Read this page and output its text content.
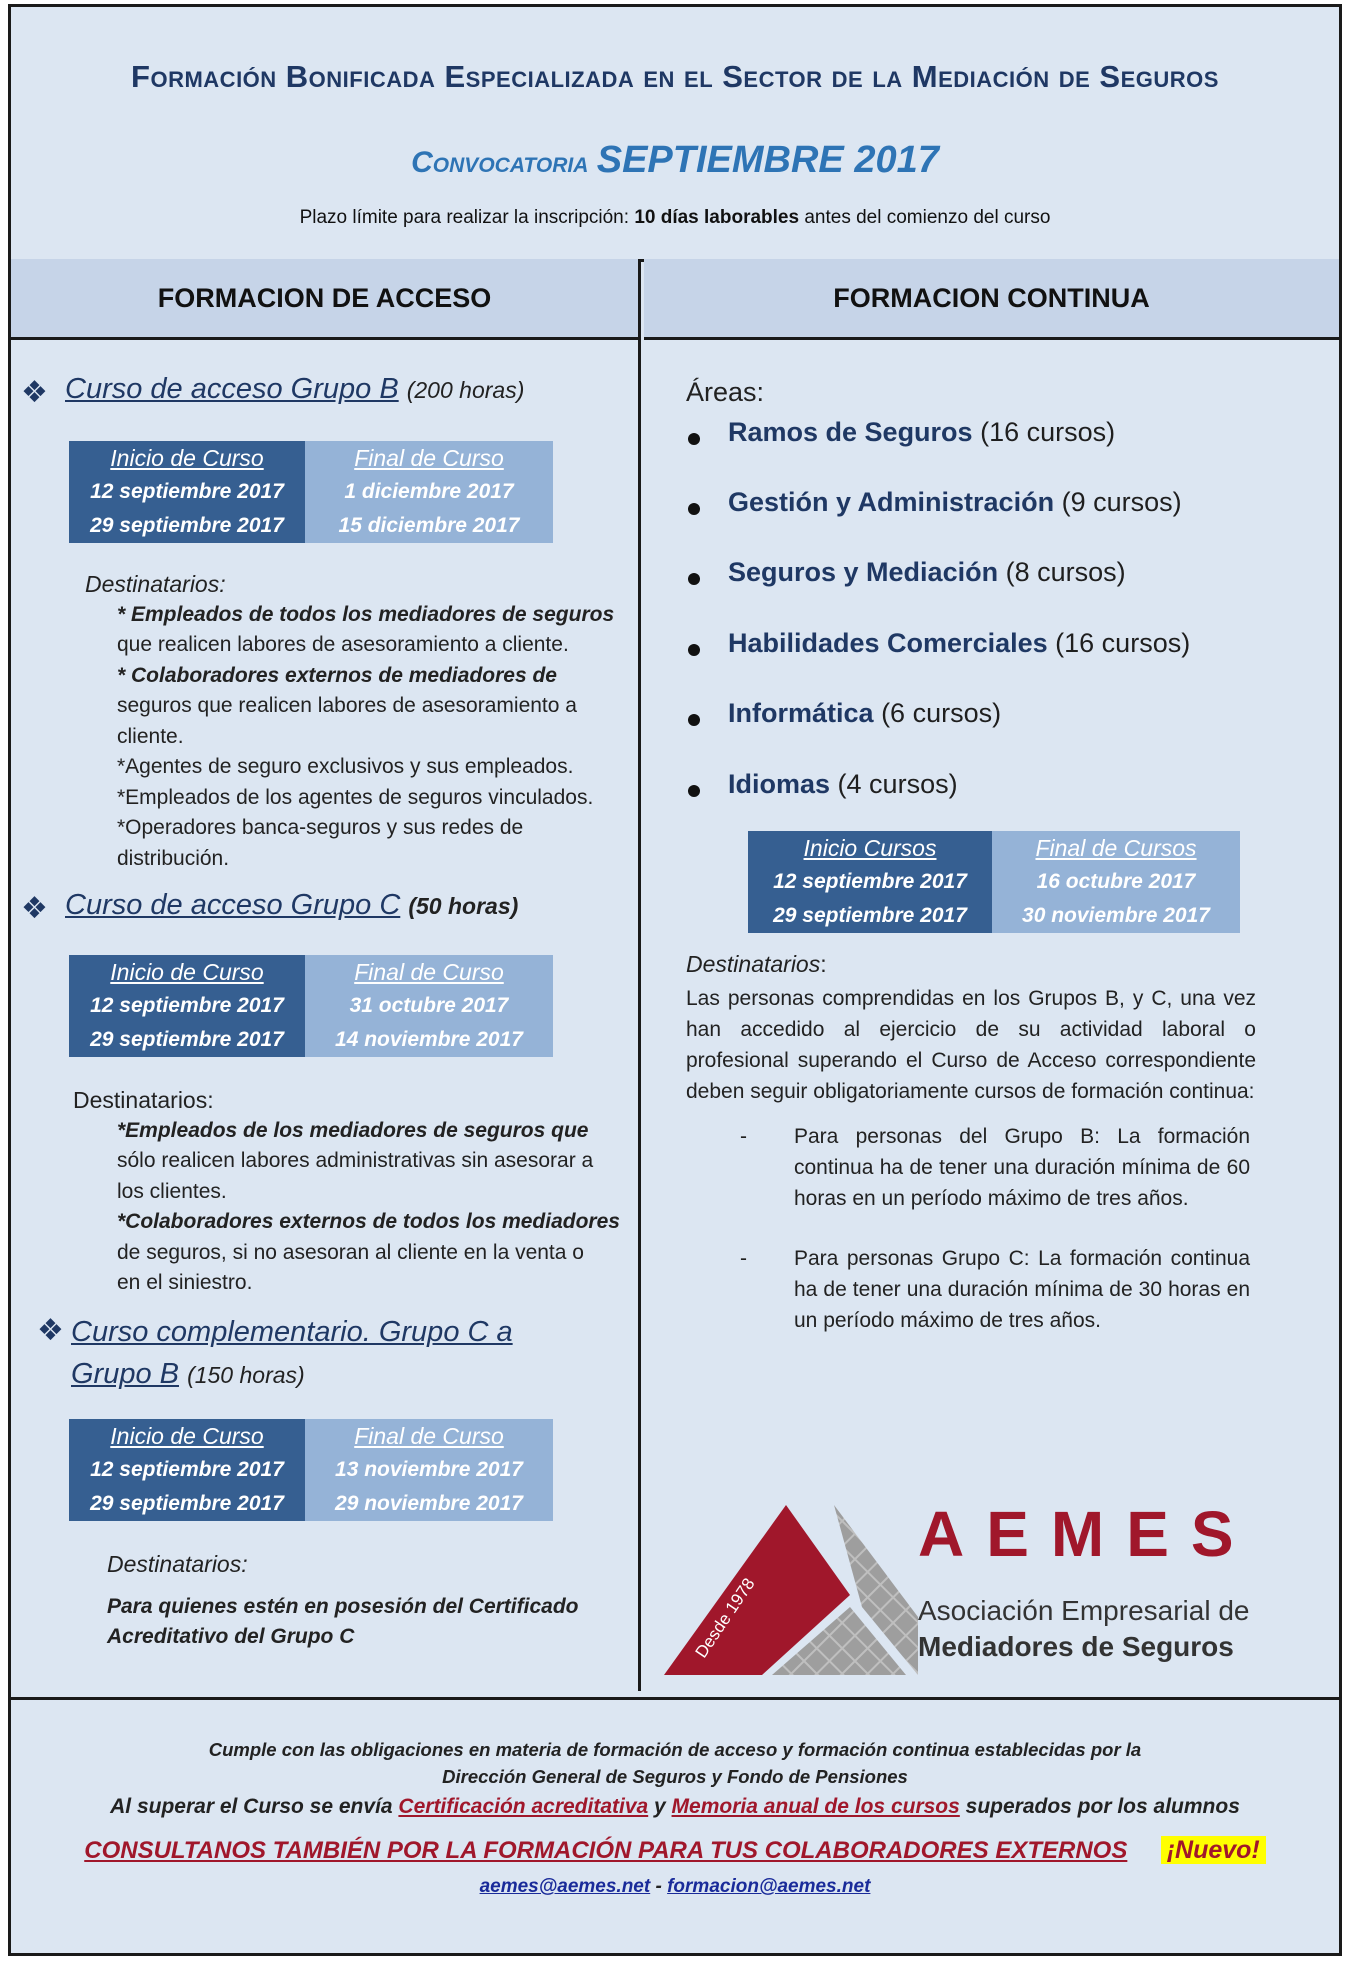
Formación Bonificada Especializada en el Sector de la Mediación de Seguros
Convocatoria SEPTIEMBRE 2017
Plazo límite para realizar la inscripción: 10 días laborables antes del comienzo del curso
FORMACION DE ACCESO
❖ Curso de acceso Grupo B (200 horas)
Inicio de Curso	Final de Curso
12 septiembre 2017	1 diciembre 2017
29 septiembre 2017	15 diciembre 2017
Destinatarios:
* Empleados de todos los mediadores de seguros
que realicen labores de asesoramiento a cliente.
* Colaboradores externos de mediadores de
seguros que realicen labores de asesoramiento a
cliente.
*Agentes de seguro exclusivos y sus empleados.
*Empleados de los agentes de seguros vinculados.
*Operadores banca-seguros y sus redes de
distribución.
❖ Curso de acceso Grupo C (50 horas)
Inicio de Curso	Final de Curso
12 septiembre 2017	31 octubre 2017
29 septiembre 2017	14 noviembre 2017
Destinatarios:
*Empleados de los mediadores de seguros que
sólo realicen labores administrativas sin asesorar a
los clientes.
*Colaboradores externos de todos los mediadores
de seguros, si no asesoran al cliente en la venta o
en el siniestro.
❖ Curso complementario. Grupo C a
Grupo B (150 horas)
Inicio de Curso	Final de Curso
12 septiembre 2017	13 noviembre 2017
29 septiembre 2017	29 noviembre 2017
Destinatarios:
Para quienes estén en posesión del Certificado
Acreditativo del Grupo C
FORMACION CONTINUA
Áreas:
Ramos de Seguros (16 cursos)
Gestión y Administración (9 cursos)
Seguros y Mediación (8 cursos)
Habilidades Comerciales (16 cursos)
Informática (6 cursos)
Idiomas (4 cursos)
Inicio Cursos	Final de Cursos
12 septiembre 2017	16 octubre 2017
29 septiembre 2017	30 noviembre 2017
Destinatarios:
Las personas comprendidas en los Grupos B, y C, una vez han accedido al ejercicio de su actividad laboral o profesional superando el Curso de Acceso correspondiente deben seguir obligatoriamente cursos de formación continua:
- Para personas del Grupo B: La formación continua ha de tener una duración mínima de 60 horas en un período máximo de tres años.
- Para personas Grupo C: La formación continua ha de tener una duración mínima de 30 horas en un período máximo de tres años.
Desde 1978
AEMES
Asociación Empresarial de
Mediadores de Seguros
Cumple con las obligaciones en materia de formación de acceso y formación continua establecidas por la
Dirección General de Seguros y Fondo de Pensiones
Al superar el Curso se envía Certificación acreditativa y Memoria anual de los cursos superados por los alumnos
CONSULTANOS TAMBIÉN POR LA FORMACIÓN PARA TUS COLABORADORES EXTERNOS ¡Nuevo!
aemes@aemes.net - formacion@aemes.net
